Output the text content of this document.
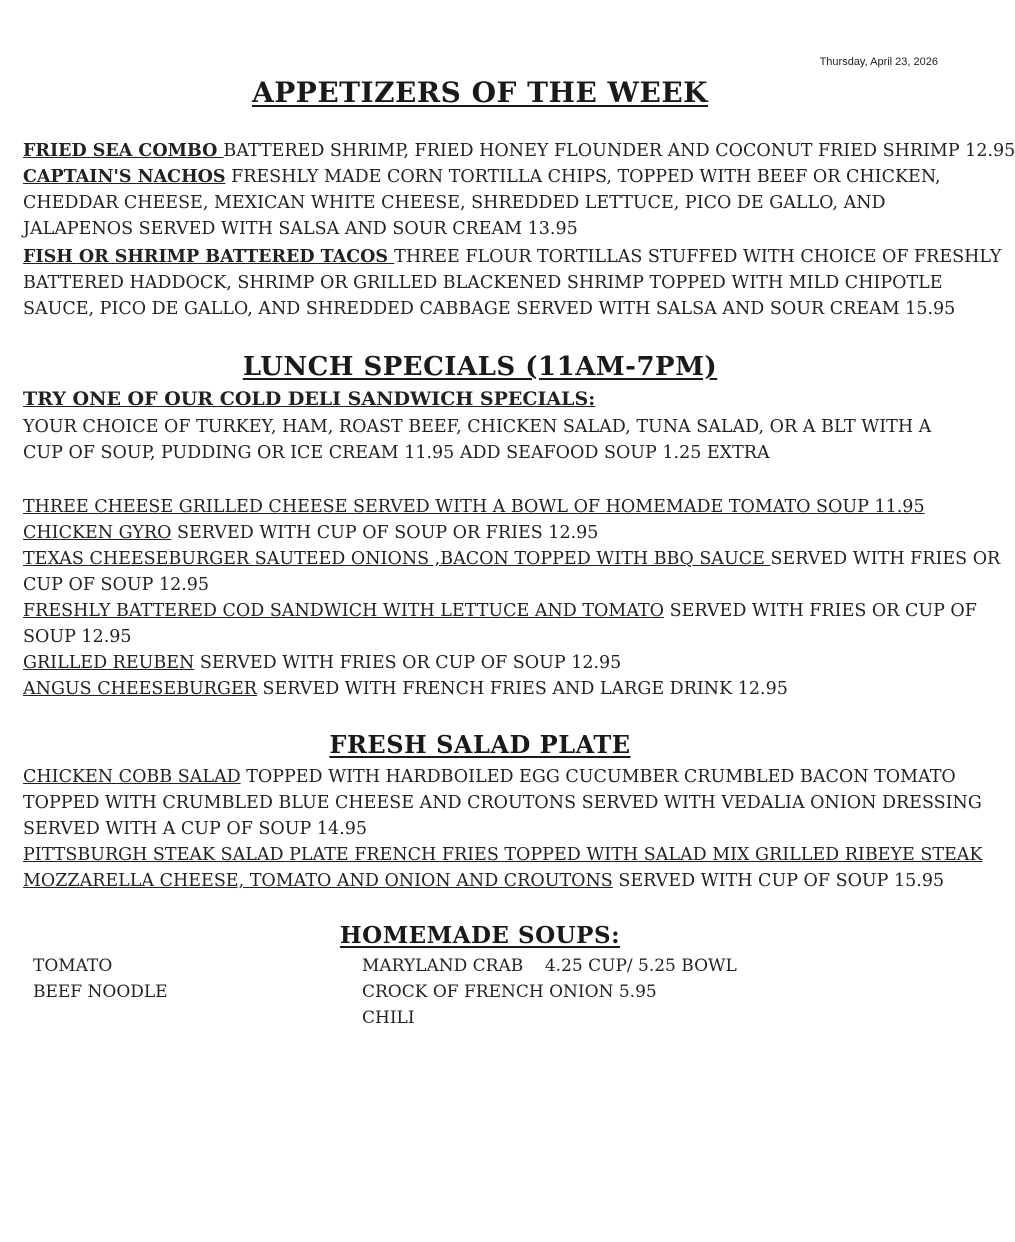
Thursday, April 23, 2026
APPETIZERS OF THE WEEK
FRIED SEA COMBO BATTERED SHRIMP, FRIED HONEY FLOUNDER AND COCONUT FRIED SHRIMP 12.95
CAPTAIN'S NACHOS FRESHLY MADE CORN TORTILLA CHIPS, TOPPED WITH BEEF OR CHICKEN,
CHEDDAR CHEESE, MEXICAN WHITE CHEESE, SHREDDED LETTUCE, PICO DE GALLO, AND
JALAPENOS SERVED WITH SALSA AND SOUR CREAM 13.95
FISH OR SHRIMP BATTERED TACOS THREE FLOUR TORTILLAS STUFFED WITH CHOICE OF FRESHLY
BATTERED HADDOCK, SHRIMP OR GRILLED BLACKENED SHRIMP TOPPED WITH MILD CHIPOTLE
SAUCE, PICO DE GALLO, AND SHREDDED CABBAGE SERVED WITH SALSA AND SOUR CREAM 15.95
LUNCH SPECIALS (11AM-7PM)
TRY ONE OF OUR COLD DELI SANDWICH SPECIALS:
YOUR CHOICE OF TURKEY, HAM, ROAST BEEF, CHICKEN SALAD, TUNA SALAD, OR A BLT WITH A
CUP OF SOUP, PUDDING OR ICE CREAM 11.95 ADD SEAFOOD SOUP 1.25 EXTRA
THREE CHEESE GRILLED CHEESE SERVED WITH A BOWL OF HOMEMADE TOMATO SOUP 11.95
CHICKEN GYRO SERVED WITH CUP OF SOUP OR FRIES 12.95
TEXAS CHEESEBURGER SAUTEED ONIONS ,BACON TOPPED WITH BBQ SAUCE SERVED WITH FRIES OR
CUP OF SOUP 12.95
FRESHLY BATTERED COD SANDWICH WITH LETTUCE AND TOMATO SERVED WITH FRIES OR CUP OF
SOUP 12.95
GRILLED REUBEN SERVED WITH FRIES OR CUP OF SOUP 12.95
ANGUS CHEESEBURGER SERVED WITH FRENCH FRIES AND LARGE DRINK 12.95
FRESH SALAD PLATE
CHICKEN COBB SALAD TOPPED WITH HARDBOILED EGG CUCUMBER CRUMBLED BACON TOMATO
TOPPED WITH CRUMBLED BLUE CHEESE AND CROUTONS SERVED WITH VEDALIA ONION DRESSING
SERVED WITH A CUP OF SOUP 14.95
PITTSBURGH STEAK SALAD PLATE FRENCH FRIES TOPPED WITH SALAD MIX GRILLED RIBEYE STEAK
MOZZARELLA CHEESE, TOMATO AND ONION AND CROUTONS SERVED WITH CUP OF SOUP 15.95
HOMEMADE SOUPS:
TOMATO
BEEF NOODLE
MARYLAND CRAB    4.25 CUP/ 5.25 BOWL
CROCK OF FRENCH ONION 5.95
CHILI
